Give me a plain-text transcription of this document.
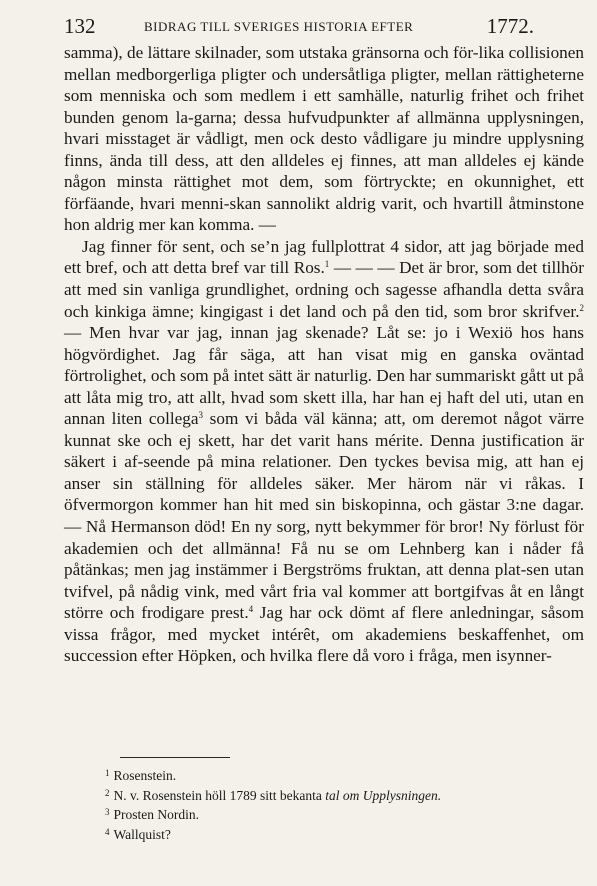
132	BIDRAG TILL SVERIGES HISTORIA EFTER	1772.

samma), de lättare skilnader, som utstaka gränsorna och för-lika collisionen mellan medborgerliga pligter och undersåtliga pligter, mellan rättigheterne som menniska och som medlem i ett samhälle, naturlig frihet och frihet bunden genom la-garna; dessa hufvudpunkter af allmänna upplysningen, hvari misstaget är vådligt, men ock desto vådligare ju mindre upplysning finns, ända till dess, att den alldeles ej finnes, att man alldeles ej kände någon minsta rättighet mot dem, som förtryckte; en okunnighet, ett förfäande, hvari menni-skan sannolikt aldrig varit, och hvartill åtminstone hon aldrig mer kan komma. —

Jag finner för sent, och se’n jag fullplottrat 4 sidor, att jag började med ett bref, och att detta bref var till Ros.$^1$ — — — Det är bror, som det tillhör att med sin vanliga grundlighet, ordning och sagesse afhandla detta svåra och kinkiga ämne; kingigast i det land och på den tid, som bror skrifver.$^2$ — Men hvar var jag, innan jag skenade? Låt se: jo i Wexiö hos hans högvördighet. Jag får säga, att han visat mig en ganska oväntad förtrolighet, och som på intet sätt är naturlig. Den har summariskt gått ut på att låta mig tro, att allt, hvad som skett illa, har han ej haft del uti, utan en annan liten collega$^3$ som vi båda väl känna; att, om deremot något värre kunnat ske och ej skett, har det varit hans mérite. Denna justification är säkert i af-seende på mina relationer. Den tyckes bevisa mig, att han ej anser sin ställning för alldeles säker. Mer härom när vi råkas. I öfvermorgon kommer han hit med sin biskopinna, och gästar 3:ne dagar. — Nå Hermanson död! En ny sorg, nytt bekymmer för bror! Ny förlust för akademien och det allmänna! Få nu se om Lehnberg kan i nåder få påtänkas; men jag instämmer i Bergströms fruktan, att denna plat-sen utan tvifvel, på nådig vink, med vårt fria val kommer att bortgifvas åt en långt större och frodigare prest.$^4$ Jag har ock dömt af flere anledningar, såsom vissa frågor, med mycket intérêt, om akademiens beskaffenhet, om succession efter Höpken, och hvilka flere då voro i fråga, men isynner-

$^1$ Rosenstein.
$^2$ N. v. Rosenstein höll 1789 sitt bekanta tal om Upplysningen.
$^3$ Prosten Nordin.
$^4$ Wallquist?
